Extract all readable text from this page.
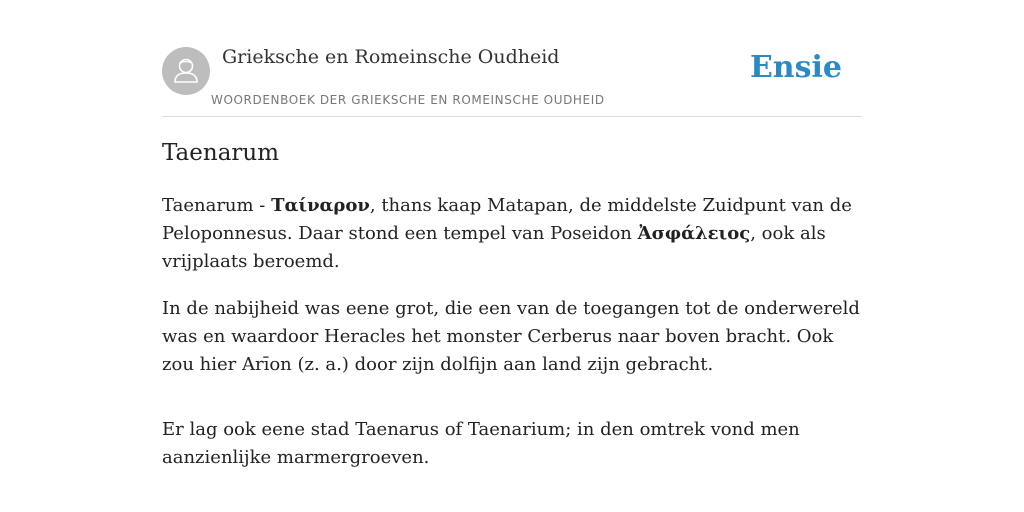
Grieksche en Romeinsche Oudheid
WOORDENBOEK DER GRIEKSCHE EN ROMEINSCHE OUDHEID
Ensie
Taenarum

Taenarum - Ταίναρον, thans kaap Matapan, de middelste Zuidpunt van de Peloponnesus. Daar stond een tempel van Poseidon Ἀσφάλειος, ook als vrijplaats beroemd.

In de nabijheid was eene grot, die een van de toegangen tot de onderwereld was en waardoor Heracles het monster Cerberus naar boven bracht. Ook zou hier Arīon (z. a.) door zijn dolfijn aan land zijn gebracht.

Er lag ook eene stad Taenarus of Taenarium; in den omtrek vond men aanzienlijke marmergroeven.
